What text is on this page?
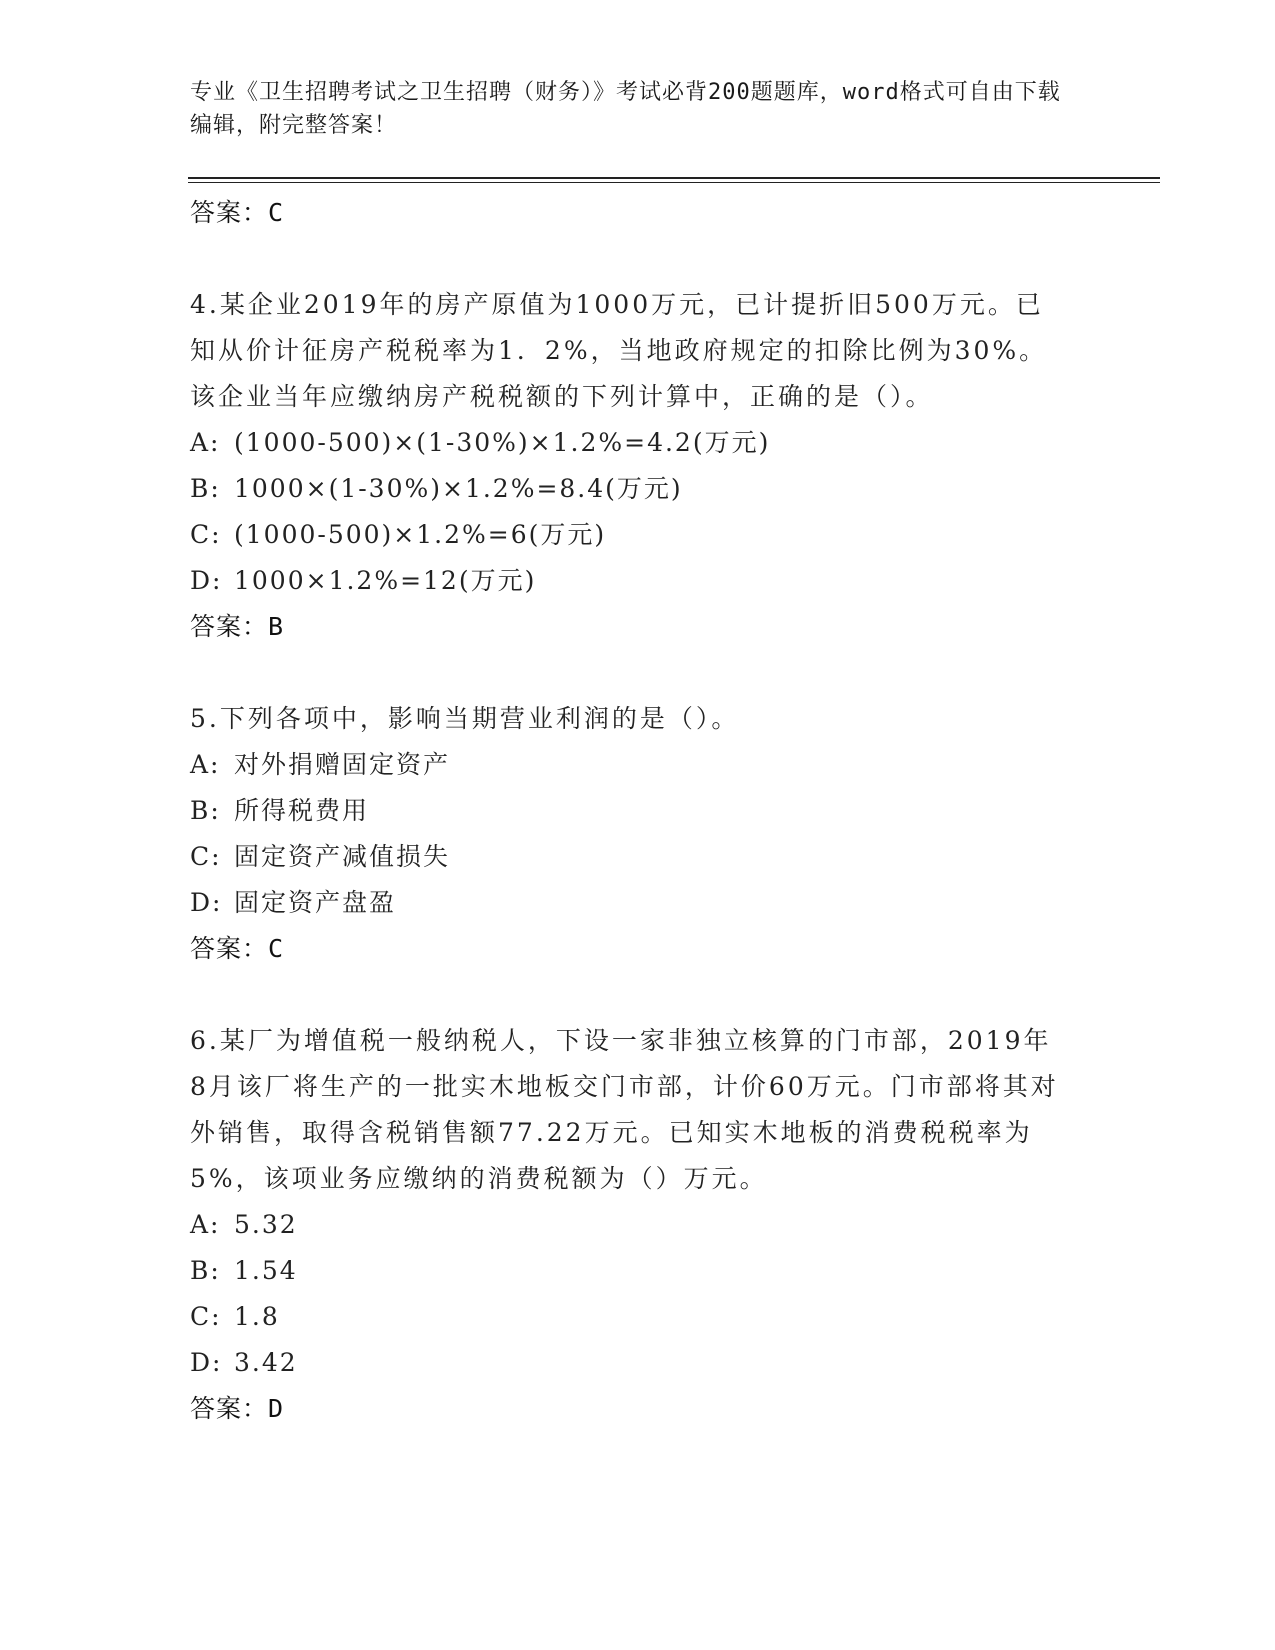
专业《卫生招聘考试之卫生招聘（财务）》考试必背200题题库，word格式可自由下载编辑，附完整答案！
答案：C
4.某企业2019年的房产原值为1000万元，已计提折旧500万元。已知从价计征房产税税率为1．2%，当地政府规定的扣除比例为30%。该企业当年应缴纳房产税税额的下列计算中，正确的是（）。
A: (1000-500)×(1-30%)×1.2%=4.2(万元)
B: 1000×(1-30%)×1.2%=8.4(万元)
C: (1000-500)×1.2%=6(万元)
D: 1000×1.2%=12(万元)
答案：B
5.下列各项中，影响当期营业利润的是（）。
A: 对外捐赠固定资产
B: 所得税费用
C: 固定资产减值损失
D: 固定资产盘盈
答案：C
6.某厂为增值税一般纳税人，下设一家非独立核算的门市部，2019年8月该厂将生产的一批实木地板交门市部，计价60万元。门市部将其对外销售，取得含税销售额77.22万元。已知实木地板的消费税税率为5%，该项业务应缴纳的消费税额为（）万元。
A: 5.32
B: 1.54
C: 1.8
D: 3.42
答案：D
